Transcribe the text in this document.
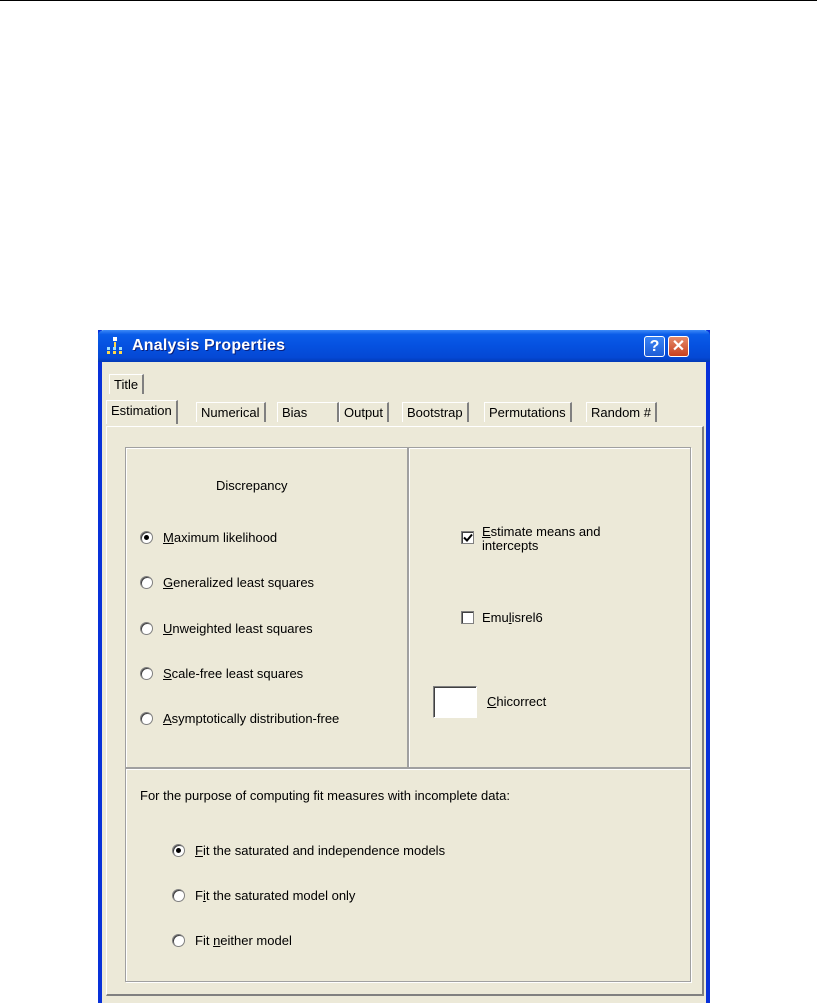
Analysis Properties	? ✕
Title
Estimation	Numerical	Bias	Output	Bootstrap	Permutations	Random #
Discrepancy
Maximum likelihood
Generalized least squares
Unweighted least squares
Scale-free least squares
Asymptotically distribution-free
Estimate means and
intercepts
Emulisrel6
Chicorrect
For the purpose of computing fit measures with incomplete data:
Fit the saturated and independence models
Fit the saturated model only
Fit neither model
